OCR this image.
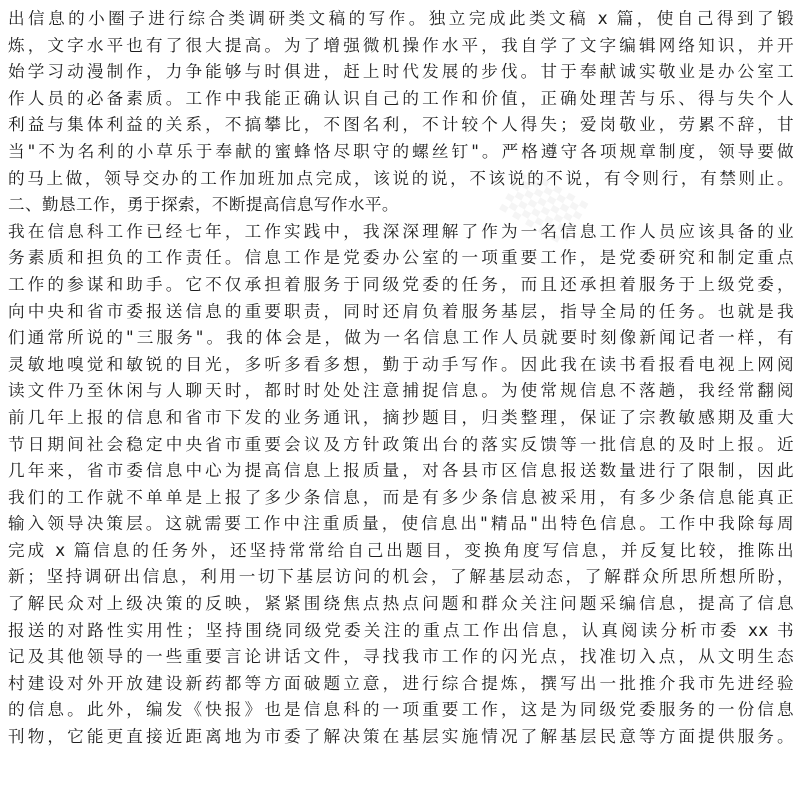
▒
出信息的小圈子进行综合类调研类文稿的写作。独立完成此类文稿 x 篇，使自己得到了锻
炼，文字水平也有了很大提高。为了增强微机操作水平，我自学了文字编辑网络知识，并开
始学习动漫制作，力争能够与时俱进，赶上时代发展的步伐。甘于奉献诚实敬业是办公室工
作人员的必备素质。工作中我能正确认识自己的工作和价值，正确处理苦与乐、得与失个人
利益与集体利益的关系，不搞攀比，不图名利，不计较个人得失；爱岗敬业，劳累不辞，甘
当"不为名利的小草乐于奉献的蜜蜂恪尽职守的螺丝钉"。严格遵守各项规章制度，领导要做
的马上做，领导交办的工作加班加点完成，该说的说，不该说的不说，有令则行，有禁则止。
二、勤恳工作，勇于探索，不断提高信息写作水平。
我在信息科工作已经七年，工作实践中，我深深理解了作为一名信息工作人员应该具备的业
务素质和担负的工作责任。信息工作是党委办公室的一项重要工作，是党委研究和制定重点
工作的参谋和助手。它不仅承担着服务于同级党委的任务，而且还承担着服务于上级党委，
向中央和省市委报送信息的重要职责，同时还肩负着服务基层，指导全局的任务。也就是我
们通常所说的"三服务"。我的体会是，做为一名信息工作人员就要时刻像新闻记者一样，有
灵敏地嗅觉和敏锐的目光，多听多看多想，勤于动手写作。因此我在读书看报看电视上网阅
读文件乃至休闲与人聊天时，都时时处处注意捕捉信息。为使常规信息不落趟，我经常翻阅
前几年上报的信息和省市下发的业务通讯，摘抄题目，归类整理，保证了宗教敏感期及重大
节日期间社会稳定中央省市重要会议及方针政策出台的落实反馈等一批信息的及时上报。近
几年来，省市委信息中心为提高信息上报质量，对各县市区信息报送数量进行了限制，因此
我们的工作就不单单是上报了多少条信息，而是有多少条信息被采用，有多少条信息能真正
输入领导决策层。这就需要工作中注重质量，使信息出"精品"出特色信息。工作中我除每周
完成 x 篇信息的任务外，还坚持常常给自己出题目，变换角度写信息，并反复比较，推陈出
新；坚持调研出信息，利用一切下基层访问的机会，了解基层动态，了解群众所思所想所盼，
了解民众对上级决策的反映，紧紧围绕焦点热点问题和群众关注问题采编信息，提高了信息
报送的对路性实用性；坚持围绕同级党委关注的重点工作出信息，认真阅读分析市委 xx 书
记及其他领导的一些重要言论讲话文件，寻找我市工作的闪光点，找准切入点，从文明生态
村建设对外开放建设新药都等方面破题立意，进行综合提炼，撰写出一批推介我市先进经验
的信息。此外，编发《快报》也是信息科的一项重要工作，这是为同级党委服务的一份信息
刊物，它能更直接近距离地为市委了解决策在基层实施情况了解基层民意等方面提供服务。
